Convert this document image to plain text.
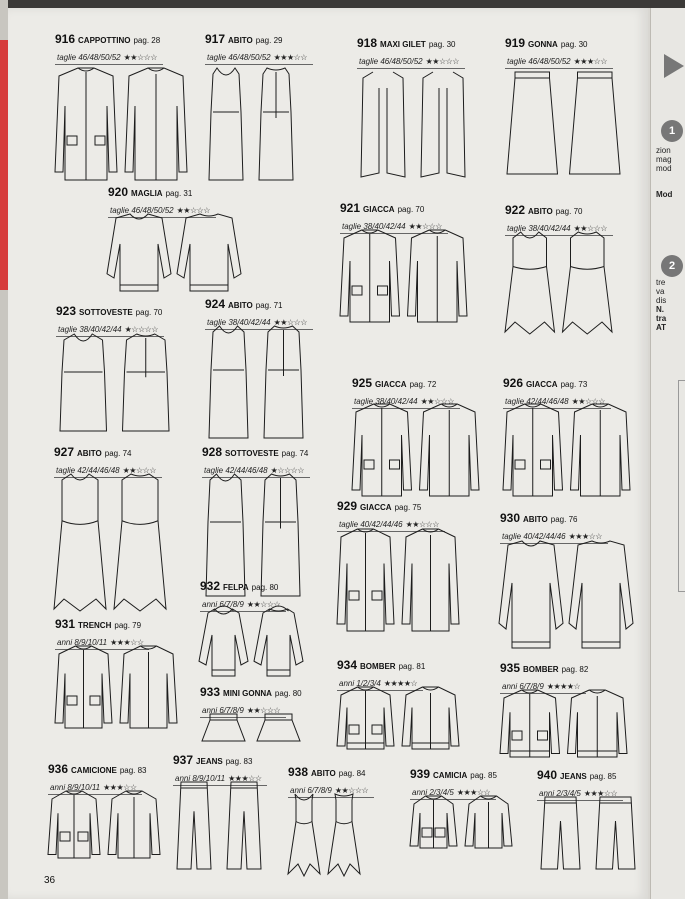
1
zion
mag
mod
Mod
2
tre
va
dis
N.
tra
AT
916 CAPPOTTINO pag. 28
taglie 46/48/50/52 ★★☆☆☆
917 ABITO pag. 29
taglie 46/48/50/52 ★★★☆☆
918 MAXI GILET pag. 30
taglie 46/48/50/52 ★★☆☆☆
919 GONNA pag. 30
taglie 46/48/50/52 ★★★☆☆
920 MAGLIA pag. 31
taglie 46/48/50/52 ★★☆☆☆	921 GIACCA pag. 70
taglie 38/40/42/44 ★★☆☆☆
922 ABITO pag. 70
taglie 38/40/42/44 ★★☆☆☆
923 SOTTOVESTE pag. 70
taglie 38/40/42/44 ★☆☆☆☆
924 ABITO pag. 71
taglie 38/40/42/44 ★★☆☆☆
925 GIACCA pag. 72
taglie 38/40/42/44 ★★☆☆☆
926 GIACCA pag. 73
taglie 42/44/46/48 ★★☆☆☆
927 ABITO pag. 74
taglie 42/44/46/48 ★★☆☆☆
928 SOTTOVESTE pag. 74
taglie 42/44/46/48 ★☆☆☆☆
929 GIACCA pag. 75
taglie 40/42/44/46 ★★☆☆☆	930 ABITO pag. 76
taglie 40/42/44/46 ★★★☆☆
931 TRENCH pag. 79
anni 8/9/10/11 ★★★☆☆
932 FELPA pag. 80
anni 6/7/8/9 ★★☆☆☆
933 MINI GONNA pag. 80
anni 6/7/8/9 ★★☆☆☆
934 BOMBER pag. 81
anni 1/2/3/4 ★★★★☆
935 BOMBER pag. 82
anni 6/7/8/9 ★★★★☆
936 CAMICIONE pag. 83
anni 8/9/10/11 ★★★☆☆
937 JEANS pag. 83
anni 8/9/10/11 ★★★☆☆	938 ABITO pag. 84
anni 6/7/8/9 ★★☆☆☆
939 CAMICIA pag. 85
anni 2/3/4/5 ★★★☆☆
940 JEANS pag. 85
anni 2/3/4/5 ★★★☆☆
36
